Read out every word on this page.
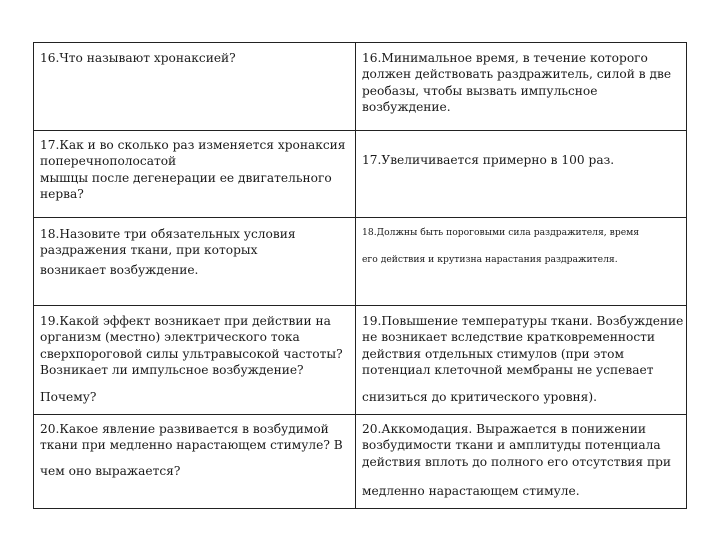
16.Что называют хронаксией?	16.Минимальное время, в течение которого
должен действовать раздражитель, силой в две
реобазы, чтобы вызвать импульсное
возбуждение.
17.Как и во сколько раз изменяется хронаксия
поперечнополосатой
мышцы после дегенерации ее двигательного
нерва?
17.Увеличивается примерно в 100 раз.
18.Назовите три обязательных условия
раздражения ткани, при которых
возникает возбуждение.
18.Должны быть пороговыми сила раздражителя, время
его действия и крутизна нарастания раздражителя.
19.Какой эффект возникает при действии на
организм (местно) электрического тока
сверхпороговой силы ультравысокой частоты?
Возникает ли импульсное возбуждение?
Почему?
19.Повышение температуры ткани. Возбуждение
не возникает вследствие кратковременности
действия отдельных стимулов (при этом
потенциал клеточной мембраны не успевает
снизиться до критического уровня).
20.Какое явление развивается в возбудимой
ткани при медленно нарастающем стимуле? В
чем оно выражается?
20.Аккомодация. Выражается в понижении
возбудимости ткани и амплитуды потенциала
действия вплоть до полного его отсутствия при
медленно нарастающем стимуле.
